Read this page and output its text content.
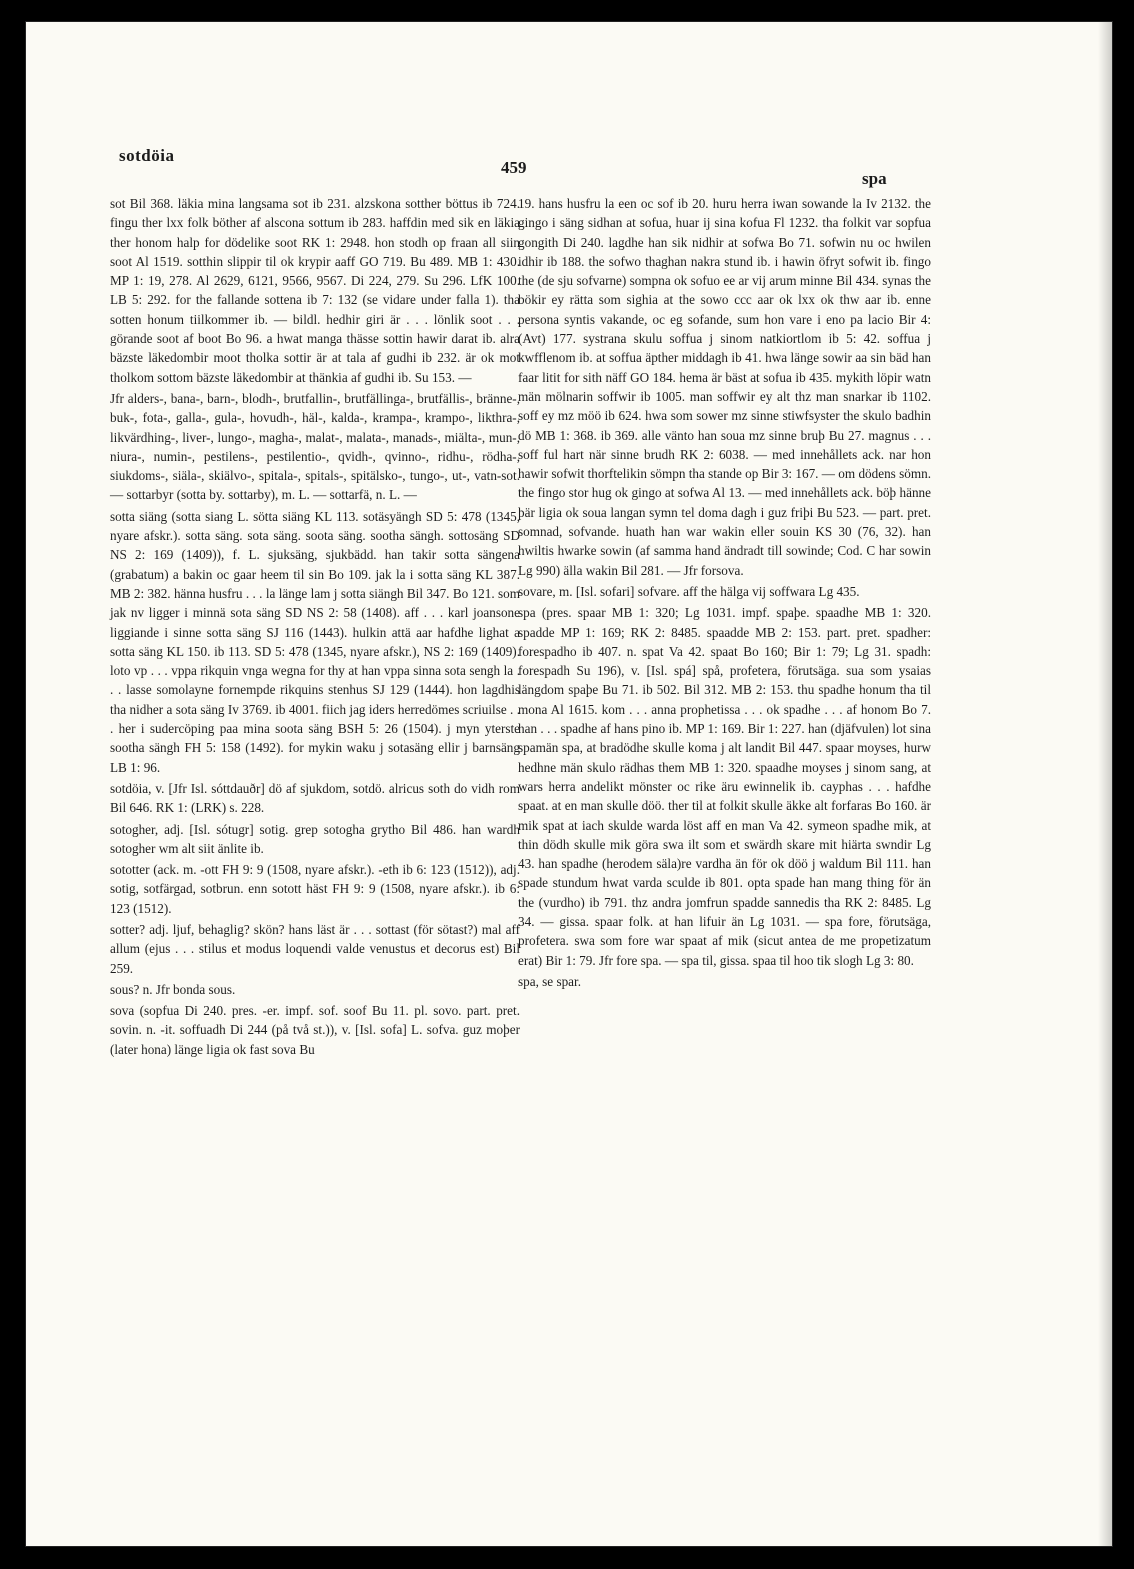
sotdöia
459
spa

sot Bil 368. läkia mina langsama sot ib 231. alzskona sotther böttus ib 724. fingu ther lxx folk böther af alscona sottum ib 283. haffdin med sik en läkia ther honom halp for dödelike soot RK 1: 2948. hon stodh op fraan all siin soot Al 1519. sotthin slippir til ok krypir aaff GO 719. Bu 489. MB 1: 430. MP 1: 19, 278. Al 2629, 6121, 9566, 9567. Di 224, 279. Su 296. LfK 100. LB 5: 292. for the fallande sottena ib 7: 132 (se vidare under falla 1). tha sotten honum tiilkommer ib. — bildl. hedhir giri är . . . lönlik soot . . . görande soot af boot Bo 96. a hwat manga thässe sottin hawir darat ib. alra bäzste läkedombir moot tholka sottir är at tala af gudhi ib 232. är ok mot tholkom sottom bäzste läkedombir at thänkia af gudhi ib. Su 153. —

Jfr alders-, bana-, barn-, blodh-, brutfallin-, brutfällinga-, brutfällis-, bränne-, buk-, fota-, galla-, gula-, hovudh-, häl-, kalda-, krampa-, krampo-, likthra-, likvärdhing-, liver-, lungo-, magha-, malat-, malata-, manads-, miälta-, mun-, niura-, numin-, pestilens-, pestilentio-, qvidh-, qvinno-, ridhu-, rödha-, siukdoms-, siäla-, skiälvo-, spitala-, spitals-, spitälsko-, tungo-, ut-, vatn-sot. — sottarbyr (sotta by. sottarby), m. L. — sottarfä, n. L. —

sotta siäng (sotta siang L. sötta siäng KL 113. sotäsyängh SD 5: 478 (1345, nyare afskr.). sotta säng. sota säng. soota säng. sootha sängh. sottosäng SD NS 2: 169 (1409)), f. L. sjuksäng, sjukbädd. han takir sotta sängena (grabatum) a bakin oc gaar heem til sin Bo 109. jak la i sotta säng KL 387. MB 2: 382. hänna husfru . . . la länge lam j sotta siängh Bil 347. Bo 121. som jak nv ligger i minnä sota säng SD NS 2: 58 (1408). aff . . . karl joansone liggiande i sinne sotta säng SJ 116 (1443). hulkin attä aar hafdhe lighat a sotta säng KL 150. ib 113. SD 5: 478 (1345, nyare afskr.), NS 2: 169 (1409). loto vp . . . vppa rikquin vnga wegna for thy at han vppa sinna sota sengh la . . . lasse somolayne fornempde rikquins stenhus SJ 129 (1444). hon lagdhis tha nidher a sota säng Iv 3769. ib 4001. fiich jag iders herredömes scriuilse . . . her i sudercöping paa mina soota säng BSH 5: 26 (1504). j myn yterste sootha sängh FH 5: 158 (1492). for mykin waku j sotasäng ellir j barnsäng LB 1: 96.

sotdöia, v. [Jfr Isl. sóttdauðr] dö af sjukdom, sotdö. alricus soth do vidh rom Bil 646. RK 1: (LRK) s. 228.

sotogher, adj. [Isl. sótugr] sotig. grep sotogha grytho Bil 486. han wardh sotogher wm alt siit änlite ib.

sototter (ack. m. -ott FH 9: 9 (1508, nyare afskr.). -eth ib 6: 123 (1512)), adj. sotig, sotfärgad, sotbrun. enn sotott häst FH 9: 9 (1508, nyare afskr.). ib 6: 123 (1512).

sotter? adj. ljuf, behaglig? skön? hans läst är . . . sottast (för sötast?) mal aff allum (ejus . . . stilus et modus loquendi valde venustus et decorus est) Bil 259.

sous? n. Jfr bonda sous.

sova (sopfua Di 240. pres. -er. impf. sof. soof Bu 11. pl. sovo. part. pret. sovin. n. -it. soffuadh Di 244 (på två st.)), v. [Isl. sofa] L. sofva. guz moþer (later hona) länge ligia ok fast sova Bu

19. hans husfru la een oc sof ib 20. huru herra iwan sowande la Iv 2132. the gingo i säng sidhan at sofua, huar ij sina kofua Fl 1232. tha folkit var sopfua gongith Di 240. lagdhe han sik nidhir at sofwa Bo 71. sofwin nu oc hwilen idhir ib 188. the sofwo thaghan nakra stund ib. i hawin öfryt sofwit ib. fingo the (de sju sofvarne) sompna ok sofuo ee ar vij arum minne Bil 434. synas the bökir ey rätta som sighia at the sowo ccc aar ok lxx ok thw aar ib. enne persona syntis vakande, oc eg sofande, sum hon vare i eno pa lacio Bir 4: (Avt) 177. systrana skulu soffua j sinom natkiortlom ib 5: 42. soffua j kwfflenom ib. at soffua äpther middagh ib 41. hwa länge sowir aa sin bäd han faar litit for sith näff GO 184. hema är bäst at sofua ib 435. mykith löpir watn män mölnarin soffwir ib 1005. man soffwir ey alt thz man snarkar ib 1102. soff ey mz möö ib 624. hwa som sower mz sinne stiwfsyster the skulo badhin dö MB 1: 368. ib 369. alle vänto han soua mz sinne bruþ Bu 27. magnus . . . soff ful hart när sinne brudh RK 2: 6038. — med innehållets ack. nar hon hawir sofwit thorftelikin sömpn tha stande op Bir 3: 167. — om dödens sömn. the fingo stor hug ok gingo at sofwa Al 13. — med innehållets ack. böþ hänne þär ligia ok soua langan symn tel doma dagh i guz friþi Bu 523. — part. pret. somnad, sofvande. huath han war wakin eller souin KS 30 (76, 32). han hwiltis hwarke sowin (af samma hand ändradt till sowinde; Cod. C har sowin Lg 990) älla wakin Bil 281. — Jfr forsova.

sovare, m. [Isl. sofari] sofvare. aff the hälga vij soffwara Lg 435.

spa (pres. spaar MB 1: 320; Lg 1031. impf. spaþe. spaadhe MB 1: 320. spadde MP 1: 169; RK 2: 8485. spaadde MB 2: 153. part. pret. spadher: forespadho ib 407. n. spat Va 42. spaat Bo 160; Bir 1: 79; Lg 31. spadh: forespadh Su 196), v. [Isl. spá] spå, profetera, förutsäga. sua som ysaias längdom spaþe Bu 71. ib 502. Bil 312. MB 2: 153. thu spadhe honum tha til mona Al 1615. kom . . . anna prophetissa . . . ok spadhe . . . af honom Bo 7. han . . . spadhe af hans pino ib. MP 1: 169. Bir 1: 227. han (djäfvulen) lot sina spamän spa, at bradödhe skulle koma j alt landit Bil 447. spaar moyses, hurw hedhne män skulo rädhas them MB 1: 320. spaadhe moyses j sinom sang, at wars herra andelikt mönster oc rike äru ewinnelik ib. cayphas . . . hafdhe spaat. at en man skulle döö. ther til at folkit skulle äkke alt forfaras Bo 160. är mik spat at iach skulde warda löst aff en man Va 42. symeon spadhe mik, at thin dödh skulle mik göra swa ilt som et swärdh skare mit hiärta swndir Lg 43. han spadhe (herodem säla)re vardha än för ok döö j waldum Bil 111. han spade stundum hwat varda sculde ib 801. opta spade han mang thing för än the (vurdho) ib 791. thz andra jomfrun spadde sannedis tha RK 2: 8485. Lg 34. — gissa. spaar folk. at han lifuir än Lg 1031. — spa fore, förutsäga, profetera. swa som fore war spaat af mik (sicut antea de me propetizatum erat) Bir 1: 79. Jfr fore spa. — spa til, gissa. spaa til hoo tik slogh Lg 3: 80.

spa, se spar.
